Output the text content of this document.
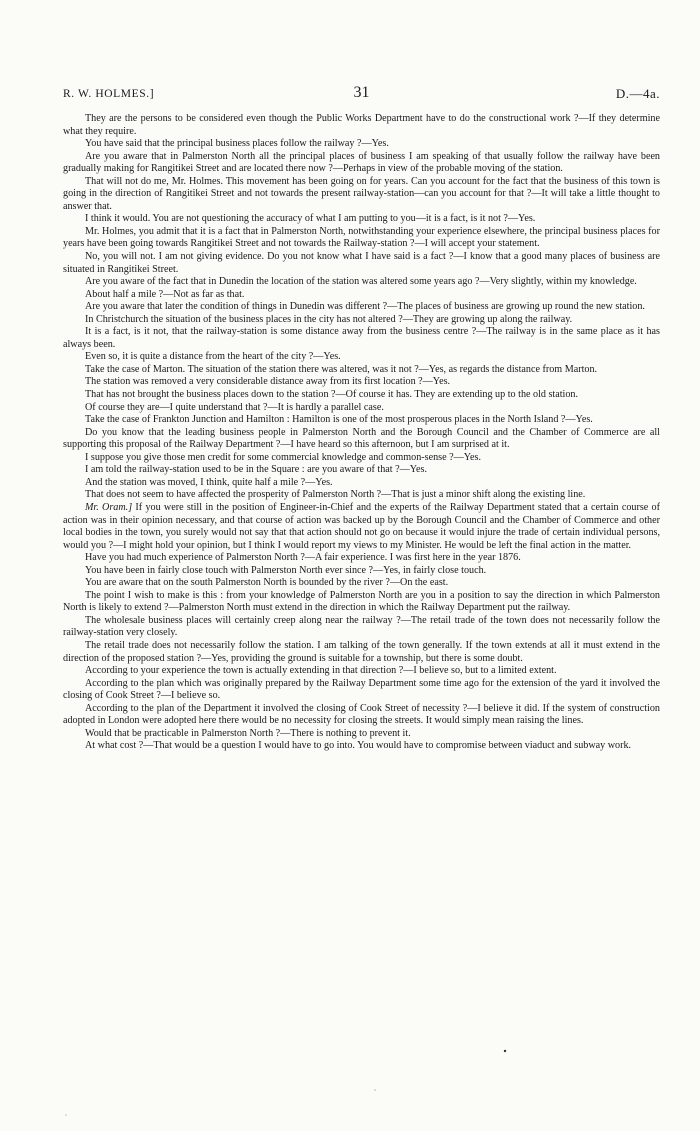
R. W. HOLMES.]	31	D.—4a.

They are the persons to be considered even though the Public Works Department have to do the constructional work ?—If they determine what they require.

You have said that the principal business places follow the railway ?—Yes.

Are you aware that in Palmerston North all the principal places of business I am speaking of that usually follow the railway have been gradually making for Rangitikei Street and are located there now ?—Perhaps in view of the probable moving of the station.

That will not do me, Mr. Holmes. This movement has been going on for years. Can you account for the fact that the business of this town is going in the direction of Rangitikei Street and not towards the present railway-station—can you account for that ?—It will take a little thought to answer that.

I think it would. You are not questioning the accuracy of what I am putting to you—it is a fact, is it not ?—Yes.

Mr. Holmes, you admit that it is a fact that in Palmerston North, notwithstanding your experience elsewhere, the principal business places for years have been going towards Rangitikei Street and not towards the Railway-station ?—I will accept your statement.

No, you will not. I am not giving evidence. Do you not know what I have said is a fact ?—I know that a good many places of business are situated in Rangitikei Street.

Are you aware of the fact that in Dunedin the location of the station was altered some years ago ?—Very slightly, within my knowledge.

About half a mile ?—Not as far as that.

Are you aware that later the condition of things in Dunedin was different ?—The places of business are growing up round the new station.

In Christchurch the situation of the business places in the city has not altered ?—They are growing up along the railway.

It is a fact, is it not, that the railway-station is some distance away from the business centre ?—The railway is in the same place as it has always been.

Even so, it is quite a distance from the heart of the city ?—Yes.

Take the case of Marton. The situation of the station there was altered, was it not ?—Yes, as regards the distance from Marton.

The station was removed a very considerable distance away from its first location ?—Yes.

That has not brought the business places down to the station ?—Of course it has. They are extending up to the old station.

Of course they are—I quite understand that ?—It is hardly a parallel case.

Take the case of Frankton Junction and Hamilton : Hamilton is one of the most prosperous places in the North Island ?—Yes.

Do you know that the leading business people in Palmerston North and the Borough Council and the Chamber of Commerce are all supporting this proposal of the Railway Department ?—I have heard so this afternoon, but I am surprised at it.

I suppose you give those men credit for some commercial knowledge and common-sense ?—Yes.

I am told the railway-station used to be in the Square : are you aware of that ?—Yes.

And the station was moved, I think, quite half a mile ?—Yes.

That does not seem to have affected the prosperity of Palmerston North ?—That is just a minor shift along the existing line.

Mr. Oram.] If you were still in the position of Engineer-in-Chief and the experts of the Railway Department stated that a certain course of action was in their opinion necessary, and that course of action was backed up by the Borough Council and the Chamber of Commerce and other local bodies in the town, you surely would not say that that action should not go on because it would injure the trade of certain individual persons, would you ?—I might hold your opinion, but I think I would report my views to my Minister. He would be left the final action in the matter.

Have you had much experience of Palmerston North ?—A fair experience. I was first here in the year 1876.

You have been in fairly close touch with Palmerston North ever since ?—Yes, in fairly close touch.

You are aware that on the south Palmerston North is bounded by the river ?—On the east.

The point I wish to make is this : from your knowledge of Palmerston North are you in a position to say the direction in which Palmerston North is likely to extend ?—Palmerston North must extend in the direction in which the Railway Department put the railway.

The wholesale business places will certainly creep along near the railway ?—The retail trade of the town does not necessarily follow the railway-station very closely.

The retail trade does not necessarily follow the station. I am talking of the town generally. If the town extends at all it must extend in the direction of the proposed station ?—Yes, providing the ground is suitable for a township, but there is some doubt.

According to your experience the town is actually extending in that direction ?—I believe so, but to a limited extent.

According to the plan which was originally prepared by the Railway Department some time ago for the extension of the yard it involved the closing of Cook Street ?—I believe so.

According to the plan of the Department it involved the closing of Cook Street of necessity ?—I believe it did. If the system of construction adopted in London were adopted here there would be no necessity for closing the streets. It would simply mean raising the lines.

Would that be practicable in Palmerston North ?—There is nothing to prevent it.

At what cost ?—That would be a question I would have to go into. You would have to compromise between viaduct and subway work.
